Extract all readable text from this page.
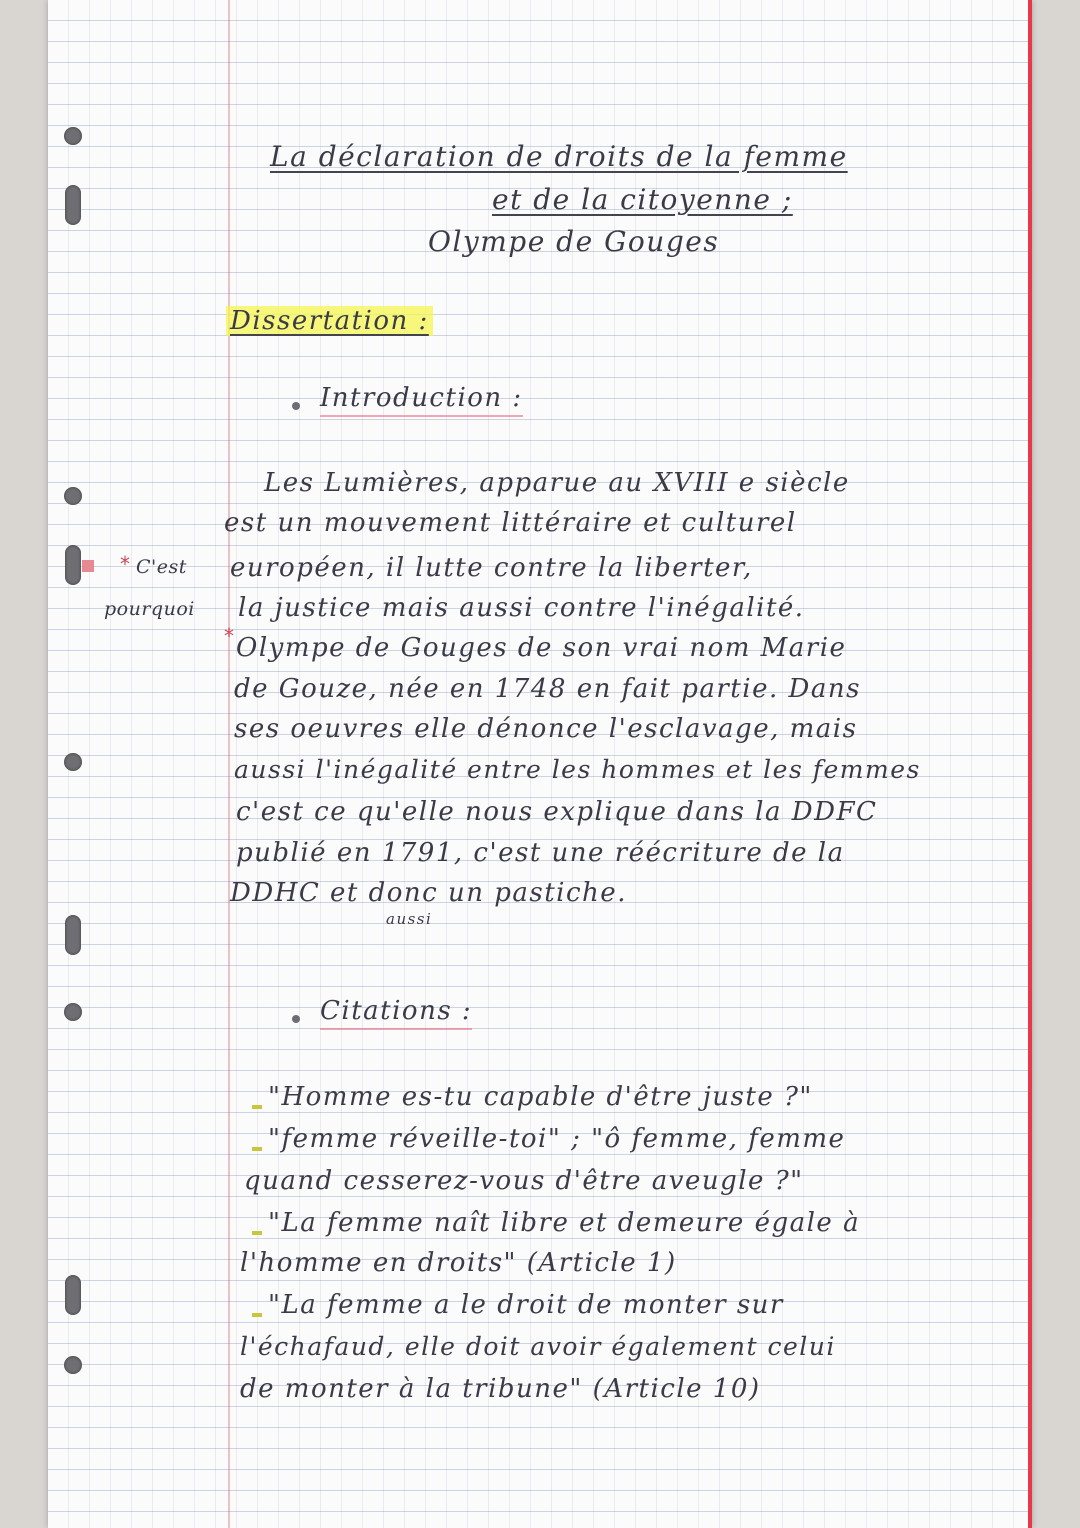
La déclaration de droits de la femme
et de la citoyenne ;
Olympe de Gouges
Dissertation :
Introduction :
Les Lumières, apparue au XVIII e siècle
est un mouvement littéraire et culturel
européen, il lutte contre la liberter,
la justice mais aussi contre l'inégalité.
Olympe de Gouges de son vrai nom Marie
de Gouze, née en 1748 en fait partie. Dans
ses oeuvres elle dénonce l'esclavage, mais
aussi l'inégalité entre les hommes et les femmes
c'est ce qu'elle nous explique dans la DDFC
publié en 1791, c'est une réécriture de la
DDHC et donc un pastiche.
aussi
* C'est
pourquoi
*
Citations :
"Homme es-tu capable d'être juste ?"
"femme réveille-toi" ; "ô femme, femme
quand cesserez-vous d'être aveugle ?"
"La femme naît libre et demeure égale à
l'homme en droits" (Article 1)
"La femme a le droit de monter sur
l'échafaud, elle doit avoir également celui
de monter à la tribune" (Article 10)
